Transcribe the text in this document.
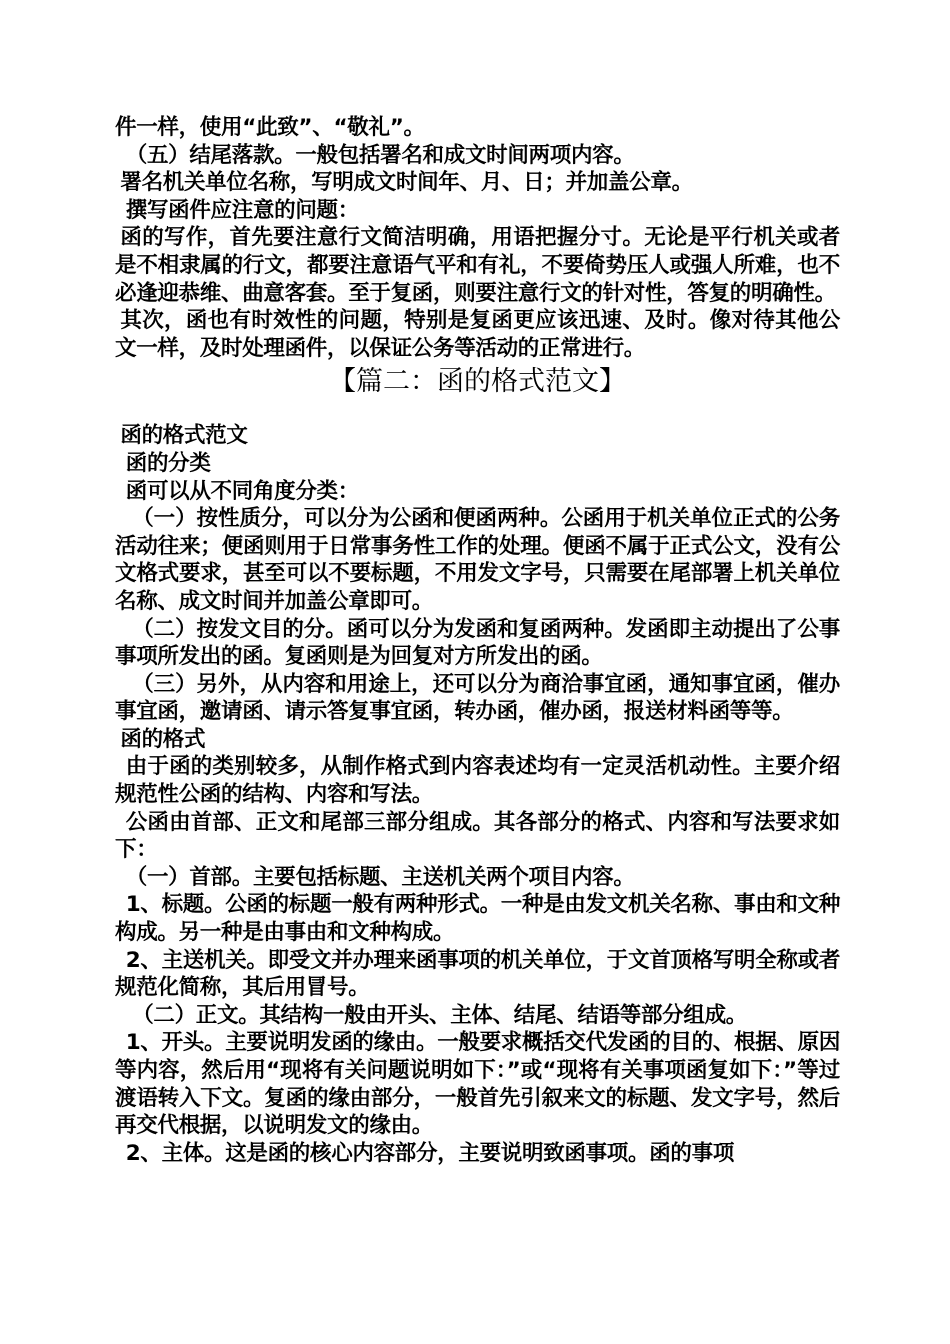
件一样，使用“此致”、“敬礼”。

（五）结尾落款。一般包括署名和成文时间两项内容。

署名机关单位名称，写明成文时间年、月、日；并加盖公章。

撰写函件应注意的问题：

函的写作，首先要注意行文简洁明确，用语把握分寸。无论是平行机关或者是不相隶属的行文，都要注意语气平和有礼，不要倚势压人或强人所难，也不必逢迎恭维、曲意客套。至于复函，则要注意行文的针对性，答复的明确性。

其次，函也有时效性的问题，特别是复函更应该迅速、及时。像对待其他公文一样，及时处理函件，以保证公务等活动的正常进行。

【篇二：函的格式范文】

函的格式范文

函的分类

函可以从不同角度分类：

（一）按性质分，可以分为公函和便函两种。公函用于机关单位正式的公务活动往来；便函则用于日常事务性工作的处理。便函不属于正式公文，没有公文格式要求，甚至可以不要标题，不用发文字号，只需要在尾部署上机关单位名称、成文时间并加盖公章即可。

（二）按发文目的分。函可以分为发函和复函两种。发函即主动提出了公事事项所发出的函。复函则是为回复对方所发出的函。

（三）另外，从内容和用途上，还可以分为商洽事宜函，通知事宜函，催办事宜函，邀请函、请示答复事宜函，转办函，催办函，报送材料函等等。

函的格式

由于函的类别较多，从制作格式到内容表述均有一定灵活机动性。主要介绍规范性公函的结构、内容和写法。

公函由首部、正文和尾部三部分组成。其各部分的格式、内容和写法要求如下：

（一）首部。主要包括标题、主送机关两个项目内容。

1、标题。公函的标题一般有两种形式。一种是由发文机关名称、事由和文种构成。另一种是由事由和文种构成。

2、主送机关。即受文并办理来函事项的机关单位，于文首顶格写明全称或者规范化简称，其后用冒号。

（二）正文。其结构一般由开头、主体、结尾、结语等部分组成。

1、开头。主要说明发函的缘由。一般要求概括交代发函的目的、根据、原因等内容，然后用“现将有关问题说明如下：”或“现将有关事项函复如下：”等过渡语转入下文。复函的缘由部分，一般首先引叙来文的标题、发文字号，然后再交代根据，以说明发文的缘由。

2、主体。这是函的核心内容部分，主要说明致函事项。函的事项
